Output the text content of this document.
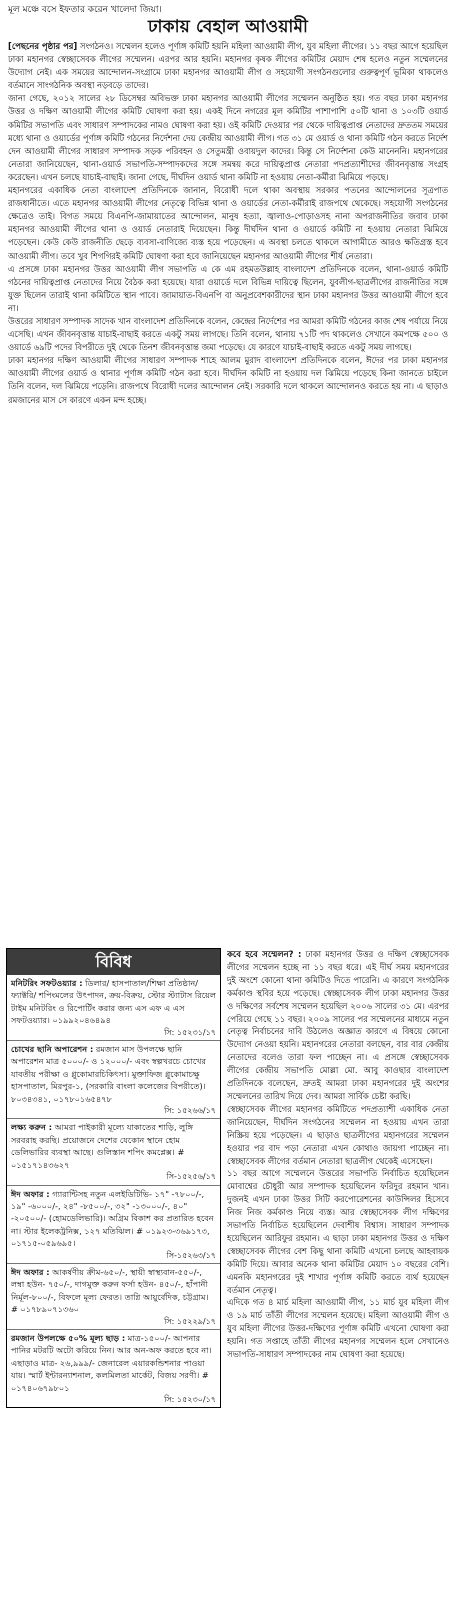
মূল মঞ্চে বসে ইফতার করেন খালেদা জিয়া।
ঢাকায় বেহাল আওয়ামী

[পেছনের পৃষ্ঠার পর] সংগঠনও। সম্মেলন হলেও পূর্ণাঙ্গ কমিটি হয়নি মহিলা আওয়ামী লীগ, যুব মহিলা লীগের। ১১ বছর আগে হয়েছিল ঢাকা মহানগর স্বেচ্ছাসেবক লীগের সম্মেলন। এরপর আর হয়নি। মহানগর কৃষক লীগের কমিটির মেয়াদ শেষ হলেও নতুন সম্মেলনের উদ্যোগ নেই। এক সময়ের আন্দোলন-সংগ্রামে ঢাকা মহানগর আওয়ামী লীগ ও সহযোগী সংগঠনগুলোর গুরুত্বপূর্ণ ভূমিকা থাকলেও বর্তমানে সাংগঠনিক অবস্থা নড়বড়ে তাদের।

জানা গেছে, ২০১২ সালের ২৮ ডিসেম্বর অবিভক্ত ঢাকা মহানগর আওয়ামী লীগের সম্মেলন অনুষ্ঠিত হয়। গত বছর ঢাকা মহানগর উত্তর ও দক্ষিণ আওয়ামী লীগের কমিটি ঘোষণা করা হয়। একই দিনে নগরের মূল কমিটির পাশাপাশি ৫০টি থানা ও ১০৩টি ওয়ার্ড কমিটির সভাপতি এবং সাধারণ সম্পাদকের নামও ঘোষণা করা হয়। ওই কমিটি দেওয়ার পর থেকে দায়িত্বপ্রাপ্ত নেতাদের দ্রুততম সময়ের মধ্যে থানা ও ওয়ার্ডের পূর্ণাঙ্গ কমিটি গঠনের নির্দেশনা দেয় কেন্দ্রীয় আওয়ামী লীগ। গত ৩১ মে ওয়ার্ড ও থানা কমিটি গঠন করতে নির্দেশ দেন আওয়ামী লীগের সাধারণ সম্পাদক সড়ক পরিবহন ও সেতুমন্ত্রী ওবায়দুল কাদের। কিন্তু সে নির্দেশনা কেউ মানেননি। মহানগরের নেতারা জানিয়েছেন, থানা-ওয়ার্ড সভাপতি-সম্পাদকদের সঙ্গে সমন্বয় করে দায়িত্বপ্রাপ্ত নেতারা পদপ্রত্যাশীদের জীবনবৃত্তান্ত সংগ্রহ করেছেন। এখন চলছে যাচাই-বাছাই। জানা গেছে, দীর্ঘদিন ওয়ার্ড থানা কমিটি না হওয়ায় নেতা-কর্মীরা ঝিমিয়ে পড়ছে।

মহানগরের একাধিক নেতা বাংলাদেশ প্রতিদিনকে জানান, বিরোধী দলে থাকা অবস্থায় সরকার পতনের আন্দোলনের সূত্রপাত রাজধানীতে। এতে মহানগর আওয়ামী লীগের নেতৃত্বে বিভিন্ন থানা ও ওয়ার্ডের নেতা-কর্মীরাই রাজপথে থেকেছে। সহযোগী সংগঠনের ক্ষেত্রেও তাই। বিগত সময়ে বিএনপি-জামায়াতের আন্দোলন, মানুষ হত্যা, জ্বালাও-পোড়াওসহ নানা অপরাজনীতির জবাব ঢাকা মহানগর আওয়ামী লীগের থানা ও ওয়ার্ড নেতারাই দিয়েছেন। কিন্তু দীর্ঘদিন থানা ও ওয়ার্ডে কমিটি না হওয়ায় নেতারা ঝিমিয়ে পড়েছেন। কেউ কেউ রাজনীতি ছেড়ে ব্যবসা-বাণিজ্যে ব্যস্ত হয়ে পড়েছেন। এ অবস্থা চলতে থাকলে আগামীতে আরও ক্ষতিগ্রস্ত হবে আওয়ামী লীগ। তবে খুব শিগগিরই কমিটি ঘোষণা করা হবে জানিয়েছেন মহানগর আওয়ামী লীগের শীর্ষ নেতারা।

এ প্রসঙ্গে ঢাকা মহানগর উত্তর আওয়ামী লীগ সভাপতি এ কে এম রহমতউল্লাহ বাংলাদেশ প্রতিদিনকে বলেন, থানা-ওয়ার্ড কমিটি গঠনের দায়িত্বপ্রাপ্ত নেতাদের নিয়ে বৈঠক করা হয়েছে। যারা ওয়ার্ডে দলে বিভিন্ন দায়িত্বে ছিলেন, যুবলীগ-ছাত্রলীগের রাজনীতির সঙ্গে যুক্ত ছিলেন তারাই থানা কমিটিতে স্থান পাবে। জামায়াত-বিএনপি বা অনুপ্রবেশকারীদের স্থান ঢাকা মহানগর উত্তর আওয়ামী লীগে হবে না।

উত্তরের সাধারণ সম্পাদক সাদেক খান বাংলাদেশ প্রতিদিনকে বলেন, কেন্দ্রের নির্দেশের পর আমরা কমিটি গঠনের কাজ শেষ পর্যায়ে নিয়ে এসেছি। এখন জীবনবৃত্তান্ত যাচাই-বাছাই করতে একটু সময় লাগছে। তিনি বলেন, থানায় ৭১টি পদ থাকলেও সেখানে কমপক্ষে ৫০০ ও ওয়ার্ডে ৬৯টি পদের বিপরীতে দুই থেকে তিনশ জীবনবৃত্তান্ত জমা পড়েছে। যে কারণে যাচাই-বাছাই করতে একটু সময় লাগছে।

ঢাকা মহানগর দক্ষিণ আওয়ামী লীগের সাধারণ সম্পাদক শাহে আলম মুরাদ বাংলাদেশ প্রতিদিনকে বলেন, ঈদের পর ঢাকা মহানগর আওয়ামী লীগের ওয়ার্ড ও থানার পূর্ণাঙ্গ কমিটি গঠন করা হবে। দীর্ঘদিন কমিটি না হওয়ায় দল ঝিমিয়ে পড়েছে কিনা জানতে চাইলে তিনি বলেন, দল ঝিমিয়ে পড়েনি। রাজপথে বিরোধী দলের আন্দোলন নেই। সরকারি দলে থাকলে আন্দোলনও করতে হয় না। এ ছাড়াও রমজানের মাস সে কারণে একন মন্দ হচ্ছে।

বিবিধ
মনিটরিং সফটওয়্যার : ডিলার/ হাসপাতাল/শিক্ষা প্রতিষ্ঠান/ ফ্যাক্টরি/ শপিংমলের উৎপাদন, ক্রয়-বিক্রয়, স্টোর স্ট্যাটাস রিয়েল টাইম মনিটরিং ও রিপোর্টিং করার জন্য এস এফ এ এস সফটওয়্যার। ০১৯৯২০৪৬৪৯৪
সি: ১৫২৩১/১৭
চোখের ছানি অপারেশন : রমজান মাস উপলক্ষে ছানি অপারেশন মাত্র ৫০০০/- ও ১২০০০/- এবং স্বল্পখরচে চোখের যাবতীয় পরীক্ষা ও গ্লুকোমারচিকিৎসা। মুক্তাফিজ গ্লুকোমাচক্ষু হাসপাতাল, মিরপুর-১, (সরকারি বাংলা কলেজের বিপরীতে)। ৮০৩৪৩৪১, ০১৭৮০১৬৫৪৭৮
সি: ১৫২৬৬/১৭
লক্ষ্য করুন : আমরা পাইকারী মূল্যে যাকাতের শাড়ি, লুঙ্গি সরবরাহ করছি। প্রয়োজনে দেশের যেকোন স্থানে হোম ডেলিভারির ব্যবস্থা আছে। গুলিস্তান শপিং কমপ্লেক্স। # ০১৫১৭১৪৩৬২৭
সি-১৫২৫৬/১৭
ঈদ অফার : গ্যারান্টিসহ নতুন এলইডিটিভি- ১৭" -৭৮০০/-, ১৯" -৬০০০/-, ২৪" -৮৫০০/-, ৩২" -১৩০০০/-, ৪০" -২০৫০০/- (হোমডেলিভারি)। অগ্রিম বিকাশ কর প্রতারিত হবেন না। স্টার ইলেকট্রনিক্স, ১২৭ মতিঝিল। # ০১৯২৩-৩৬৯১৭৩, ০১৭১৫-০৫৯৬৯৫।
সি-১৫২৬৩/১৭
ঈদ অফার : আকর্ষণীয় ক্রীম-৬৫০/-, স্থায়ী স্বাস্থ্যবান-৫৫০/-, লম্বা হউন- ৭৫০/-, দাগমুক্ত করুন ফর্সা হউন- ৪৫০/-, হাঁপানী নির্মূল-৮০০/-, বিফলে মূল্য ফেরত। তাগ্নি আয়ুর্বেদিক, চট্টগ্রাম। # ০১৭৮৯০৭১৩৬০
সি: ১৫২২৯/১৭
রমজান উপলক্ষে ৫০% মূল্য ছাড় : মাত্র-১৫০০/- আপনার পানির মটরটি অটো করিয়ে নিন। আর অন-অফ করতে হবে না। এছাড়াও মাত্র- ২৬,৯৯৯/- জেনারেল এয়ারকন্ডিশনার পাওয়া যায়। স্মার্ট ইন্টারন্যাশনাল, কলমিলতা মার্কেট, বিজয় সরণী। # ০১৭৪০৬৭৯৮০১
সি: ১৫২৩০/১৭

কবে হবে সম্মেলন? : ঢাকা মহানগর উত্তর ও দক্ষিণ স্বেচ্ছাসেবক লীগের সম্মেলন হচ্ছে না ১১ বছর ধরে। এই দীর্ঘ সময় মহানগরের দুই অংশে কোনো থানা কমিটিও দিতে পারেনি। এ কারণে সংগঠনিক কর্মকাণ্ড স্থবির হয়ে পড়েছে। স্বেচ্ছাসেবক লীগ ঢাকা মহানগর উত্তর ও দক্ষিণের সর্বশেষ সম্মেলন হয়েছিল ২০০৬ সালের ৩১ মে। এরপর পেরিয়ে গেছে ১১ বছর। ২০০৯ সালের পর সম্মেলনের মাধ্যমে নতুন নেতৃত্ব নির্বাচনের দাবি উঠলেও অজ্ঞাত কারণে এ বিষয়ে কোনো উদ্যোগ নেওয়া হয়নি। মহানগরের নেতারা বলছেন, বার বার কেন্দ্রীয় নেতাদের বলেও তারা ফল পাচ্ছেন না। এ প্রসঙ্গে স্বেচ্ছাসেবক লীগের কেন্দ্রীয় সভাপতি মোল্লা মো. আবু কাওছার বাংলাদেশ প্রতিদিনকে বলেছেন, দ্রুতই আমরা ঢাকা মহানগরের দুই অংশের সম্মেলনের তারিখ দিয়ে দেব। আমরা সার্বিক চেষ্টা করছি।

স্বেচ্ছাসেবক লীগের মহানগর কমিটিতে পদপ্রত্যাশী একাধিক নেতা জানিয়েছেন, দীর্ঘদিন সংগঠনের সম্মেলন না হওয়ায় এখন তারা নিস্ক্রিয় হয়ে পড়েছেন। এ ছাড়াও ছাত্রলীগের মহানগরের সম্মেলন হওয়ার পর বাদ পড়া নেতারা এখন কোথাও জায়গা পাচ্ছেন না। স্বেচ্ছাসেবক লীগের বর্তমান নেতারা ছাত্রলীগ থেকেই এসেছেন।

১১ বছর আগে সম্মেলনে উত্তরের সভাপতি নির্বাচিত হয়েছিলেন মোবাশ্বের চৌধুরী আর সম্পাদক হয়েছিলেন ফরিদুর রহমান খান। দুজনই এখন ঢাকা উত্তর সিটি করপোরেশনের কাউন্সিলর হিসেবে নিজ নিজ কর্মকাণ্ড নিয়ে ব্যস্ত। আর স্বেচ্ছাসেবক লীগ দক্ষিণের সভাপতি নির্বাচিত হয়েছিলেন দেবাশীষ বিশ্বাস। সাধারণ সম্পাদক হয়েছিলেন আরিফুর রহমান। এ ছাড়া ঢাকা মহানগর উত্তর ও দক্ষিণ স্বেচ্ছাসেবক লীগের বেশ কিছু থানা কমিটি এখনো চলছে আহবায়ক কমিটি দিয়ে। আবার অনেক থানা কমিটির মেয়াদ ১০ বছরের বেশি। এমনকি মহানগরের দুই শাখার পূর্ণাঙ্গ কমিটি করতে ব্যর্থ হয়েছেন বর্তমান নেতৃত্ব।

এদিকে গত ৪ মার্চ মহিলা আওয়ামী লীগ, ১১ মার্চ যুব মহিলা লীগ ও ১৯ মার্চ তাঁতী লীগের সম্মেলন হয়েছে। মহিলা আওয়ামী লীগ ও যুব মহিলা লীগের উত্তর-দক্ষিণের পূর্ণাঙ্গ কমিটি এখনো ঘোষণা করা হয়নি। গত সপ্তাহে তাঁতী লীগের মহানগর সম্মেলন হলে সেখানেও সভাপতি-সাধারণ সম্পাদকের নাম ঘোষণা করা হয়েছে।
